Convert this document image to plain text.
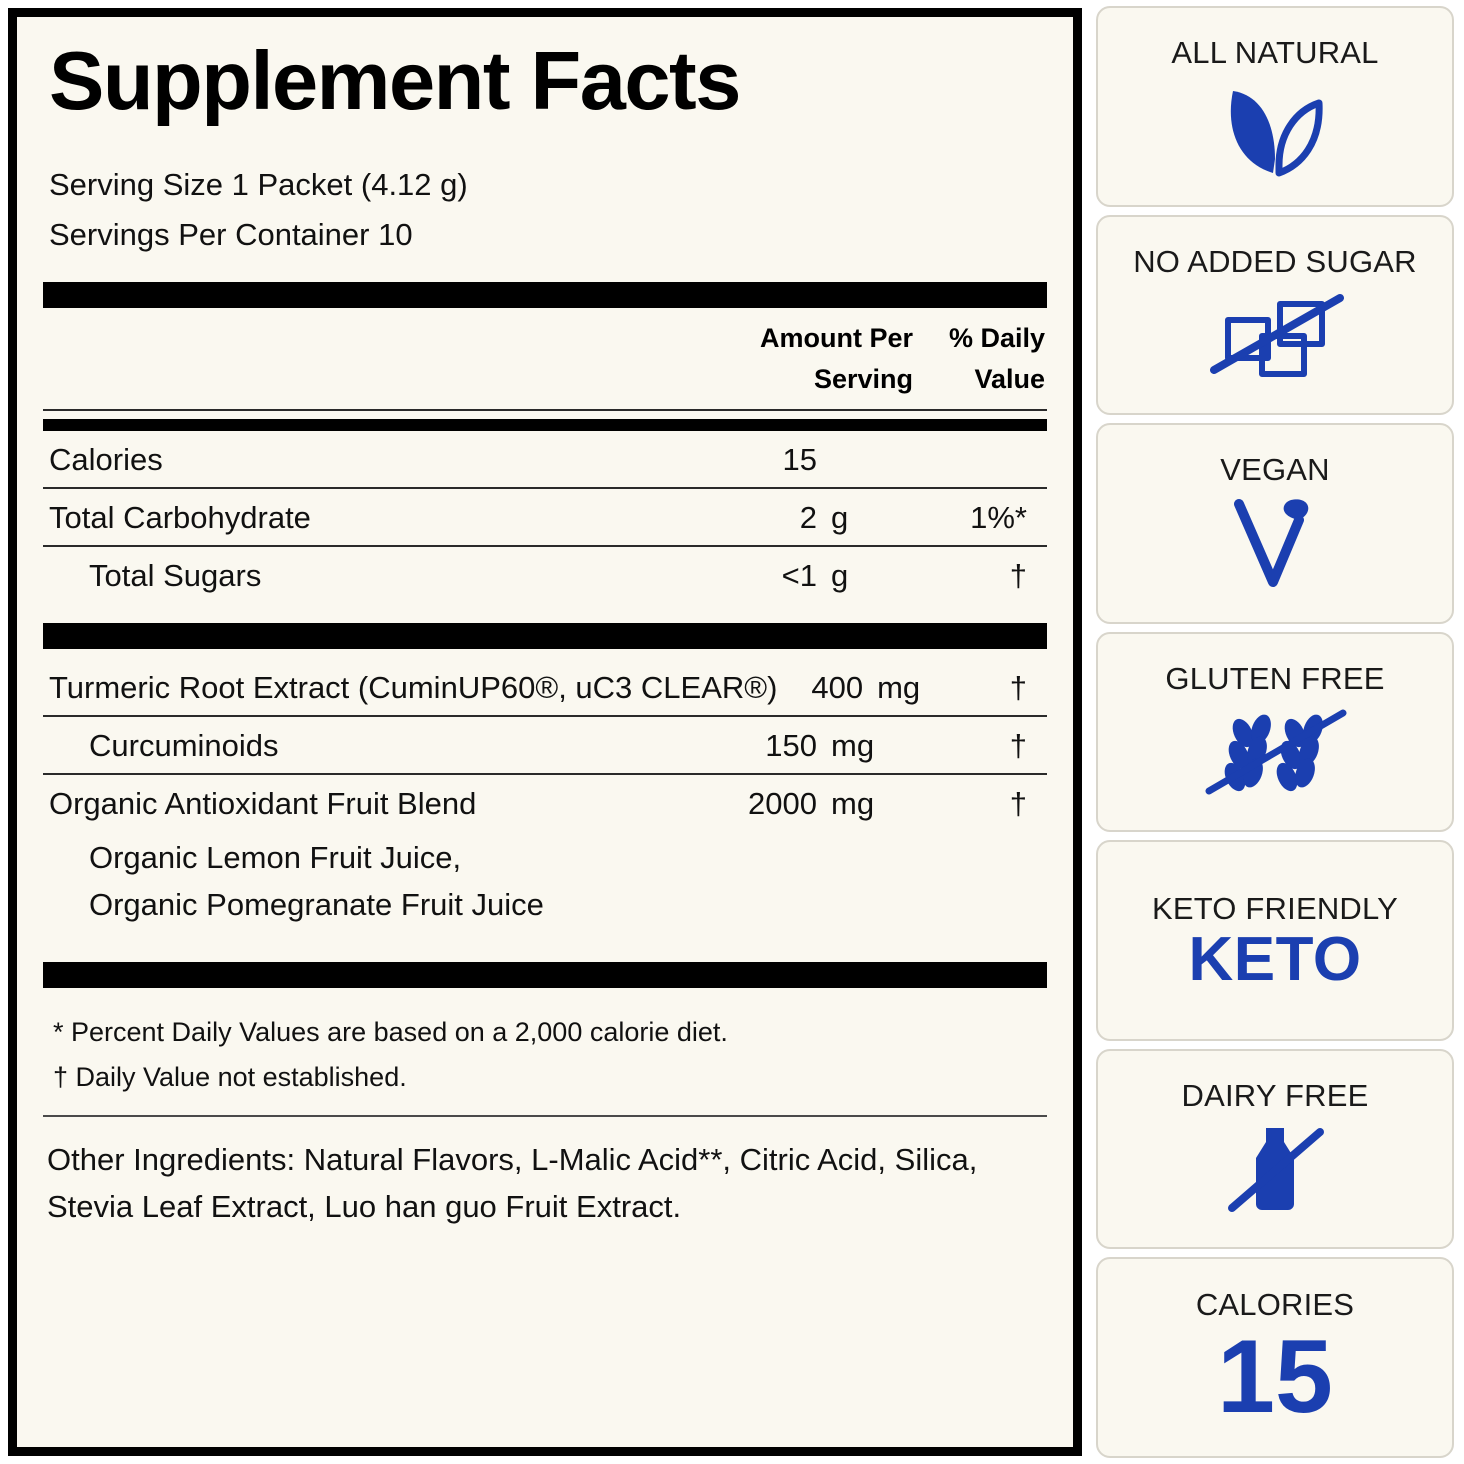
Supplement Facts
Serving Size 1 Packet (4.12 g)
Servings Per Container 10
Amount Per
Serving
% Daily
Value
Calories	15
Total Carbohydrate	2 g	1%*
Total Sugars	<1 g	†
Turmeric Root Extract (CuminUP60®, uC3 CLEAR®)	400 mg	†
Curcuminoids	150 mg	†
Organic Antioxidant Fruit Blend	2000 mg	†
Organic Lemon Fruit Juice,
Organic Pomegranate Fruit Juice
* Percent Daily Values are based on a 2,000 calorie diet.
† Daily Value not established.
Other Ingredients: Natural Flavors, L-Malic Acid**, Citric Acid, Silica,
Stevia Leaf Extract, Luo han guo Fruit Extract.
ALL NATURAL
NO ADDED SUGAR
VEGAN
GLUTEN FREE
KETO FRIENDLY
KETO
DAIRY FREE
CALORIES
15
